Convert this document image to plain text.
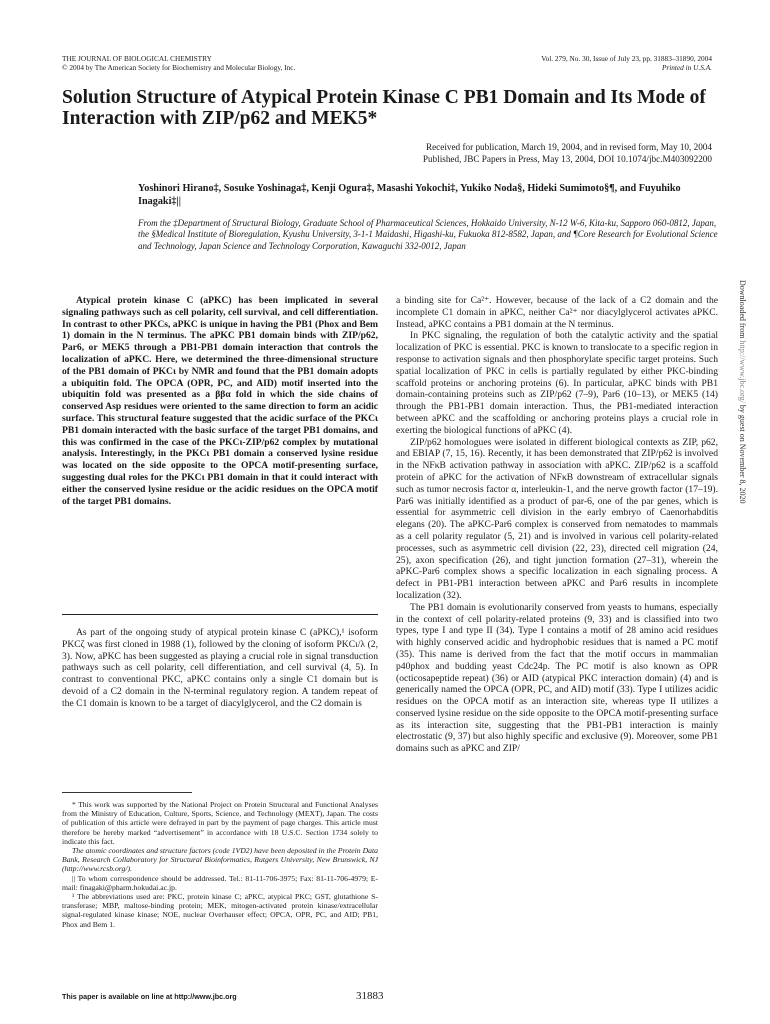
THE JOURNAL OF BIOLOGICAL CHEMISTRY
© 2004 by The American Society for Biochemistry and Molecular Biology, Inc.
Vol. 279, No. 30, Issue of July 23, pp. 31883–31890, 2004
Printed in U.S.A.
Solution Structure of Atypical Protein Kinase C PB1 Domain and Its Mode of Interaction with ZIP/p62 and MEK5*
Received for publication, March 19, 2004, and in revised form, May 10, 2004
Published, JBC Papers in Press, May 13, 2004, DOI 10.1074/jbc.M403092200
Yoshinori Hirano‡, Sosuke Yoshinaga‡, Kenji Ogura‡, Masashi Yokochi‡, Yukiko Noda§, Hideki Sumimoto§¶, and Fuyuhiko Inagaki‡||
From the ‡Department of Structural Biology, Graduate School of Pharmaceutical Sciences, Hokkaido University, N-12 W-6, Kita-ku, Sapporo 060-0812, Japan, the §Medical Institute of Bioregulation, Kyushu University, 3-1-1 Maidashi, Higashi-ku, Fukuoka 812-8582, Japan, and ¶Core Research for Evolutional Science and Technology, Japan Science and Technology Corporation, Kawaguchi 332-0012, Japan
Atypical protein kinase C (aPKC) has been implicated in several signaling pathways such as cell polarity, cell survival, and cell differentiation. In contrast to other PKCs, aPKC is unique in having the PB1 (Phox and Bem 1) domain in the N terminus. The aPKC PB1 domain binds with ZIP/p62, Par6, or MEK5 through a PB1-PB1 domain interaction that controls the localization of aPKC. Here, we determined the three-dimensional structure of the PB1 domain of PKCι by NMR and found that the PB1 domain adopts a ubiquitin fold. The OPCA (OPR, PC, and AID) motif inserted into the ubiquitin fold was presented as a ββα fold in which the side chains of conserved Asp residues were oriented to the same direction to form an acidic surface. This structural feature suggested that the acidic surface of the PKCι PB1 domain interacted with the basic surface of the target PB1 domains, and this was confirmed in the case of the PKCι-ZIP/p62 complex by mutational analysis. Interestingly, in the PKCι PB1 domain a conserved lysine residue was located on the side opposite to the OPCA motif-presenting surface, suggesting dual roles for the PKCι PB1 domain in that it could interact with either the conserved lysine residue or the acidic residues on the OPCA motif of the target PB1 domains.

As part of the ongoing study of atypical protein kinase C (aPKC),¹ isoform PKCζ was first cloned in 1988 (1), followed by the cloning of isoform PKCι/λ (2, 3). Now, aPKC has been suggested as playing a crucial role in signal transduction pathways such as cell polarity, cell differentiation, and cell survival (4, 5). In contrast to conventional PKC, aPKC contains only a single C1 domain but is devoid of a C2 domain in the N-terminal regulatory region. A tandem repeat of the C1 domain is known to be a target of diacylglycerol, and the C2 domain is

* This work was supported by the National Project on Protein Structural and Functional Analyses from the Ministry of Education, Culture, Sports, Science, and Technology (MEXT), Japan. The costs of publication of this article were defrayed in part by the payment of page charges. This article must therefore be hereby marked “advertisement” in accordance with 18 U.S.C. Section 1734 solely to indicate this fact.

The atomic coordinates and structure factors (code 1VD2) have been deposited in the Protein Data Bank, Research Collaboratory for Structural Bioinformatics, Rutgers University, New Brunswick, NJ (http://www.rcsb.org/).

|| To whom correspondence should be addressed. Tel.: 81-11-706-3975; Fax: 81-11-706-4979; E-mail: finagaki@pharm.hokudai.ac.jp.

¹ The abbreviations used are: PKC, protein kinase C; aPKC, atypical PKC; GST, glutathione S-transferase; MBP, maltose-binding protein; MEK, mitogen-activated protein kinase/extracellular signal-regulated kinase kinase; NOE, nuclear Overhauser effect; OPCA, OPR, PC, and AID; PB1, Phox and Bem 1.

a binding site for Ca²⁺. However, because of the lack of a C2 domain and the incomplete C1 domain in aPKC, neither Ca²⁺ nor diacylglycerol activates aPKC. Instead, aPKC contains a PB1 domain at the N terminus.

In PKC signaling, the regulation of both the catalytic activity and the spatial localization of PKC is essential. PKC is known to translocate to a specific region in response to activation signals and then phosphorylate specific target proteins. Such spatial localization of PKC in cells is partially regulated by either PKC-binding scaffold proteins or anchoring proteins (6). In particular, aPKC binds with PB1 domain-containing proteins such as ZIP/p62 (7–9), Par6 (10–13), or MEK5 (14) through the PB1-PB1 domain interaction. Thus, the PB1-mediated interaction between aPKC and the scaffolding or anchoring proteins plays a crucial role in exerting the biological functions of aPKC (4).

ZIP/p62 homologues were isolated in different biological contexts as ZIP, p62, and EBIAP (7, 15, 16). Recently, it has been demonstrated that ZIP/p62 is involved in the NFκB activation pathway in association with aPKC. ZIP/p62 is a scaffold protein of aPKC for the activation of NFκB downstream of extracellular signals such as tumor necrosis factor α, interleukin-1, and the nerve growth factor (17–19). Par6 was initially identified as a product of par-6, one of the par genes, which is essential for asymmetric cell division in the early embryo of Caenorhabditis elegans (20). The aPKC-Par6 complex is conserved from nematodes to mammals as a cell polarity regulator (5, 21) and is involved in various cell polarity-related processes, such as asymmetric cell division (22, 23), directed cell migration (24, 25), axon specification (26), and tight junction formation (27–31), wherein the aPKC-Par6 complex shows a specific localization in each signaling process. A defect in PB1-PB1 interaction between aPKC and Par6 results in incomplete localization (32).

The PB1 domain is evolutionarily conserved from yeasts to humans, especially in the context of cell polarity-related proteins (9, 33) and is classified into two types, type I and type II (34). Type I contains a motif of 28 amino acid residues with highly conserved acidic and hydrophobic residues that is named a PC motif (35). This name is derived from the fact that the motif occurs in mammalian p40phox and budding yeast Cdc24p. The PC motif is also known as OPR (octicosapeptide repeat) (36) or AID (atypical PKC interaction domain) (4) and is generically named the OPCA (OPR, PC, and AID) motif (33). Type I utilizes acidic residues on the OPCA motif as an interaction site, whereas type II utilizes a conserved lysine residue on the side opposite to the OPCA motif-presenting surface as its interaction site, suggesting that the PB1-PB1 interaction is mainly electrostatic (9, 37) but also highly specific and exclusive (9). Moreover, some PB1 domains such as aPKC and ZIP/

This paper is available on line at http://www.jbc.org	31883
Downloaded from http://www.jbc.org/ by guest on November 8, 2020
